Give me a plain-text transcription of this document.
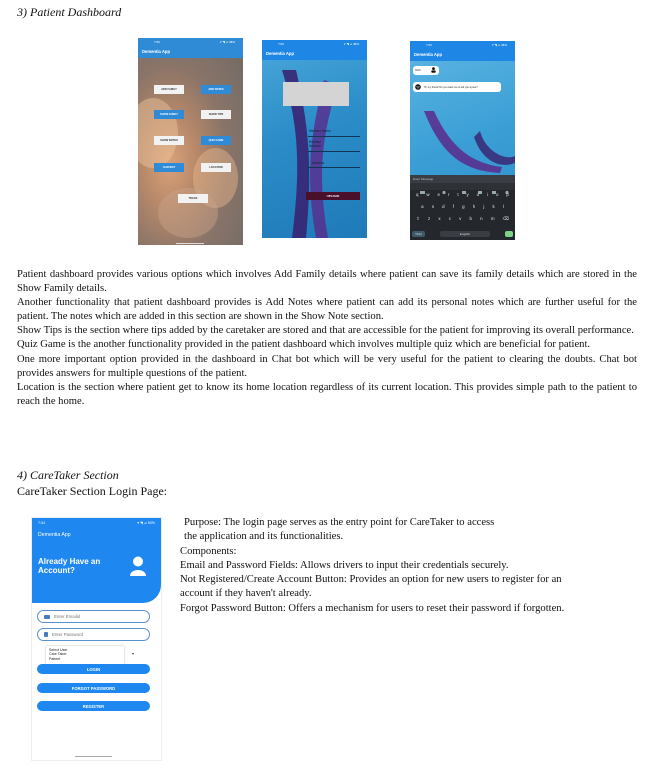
3) Patient Dashboard
7:00	▾ ◥ ⊿ 48%
Dementia App
ADD FAMILY	ADD NOTES
SHOW FAMILY	SHOW TIPS
SHOW NOTES	QUIZ GAME
CHATBOT	LOCATION
TRACK
7:00	▾ ◥ ⊿ 48%
Dementia App
Member Name
Relation
Number
Address
UPLOAD
7:00	▾ ◥ ⊿ 48%
Dementia App
Hello
Hi, my friend! Do you want me to tell you a joke?
Enter Message
q w e r t y u i o p
a s d f g h j k l
⇧ z x c v b n m ⌫
?123	English

Patient dashboard provides various options which involves Add Family details where patient can save its family details which are stored in the Show Family details.

Another functionality that patient dashboard provides is Add Notes where patient can add its personal notes which are further useful for the patient. The notes which are added in this section are shown in the Show Note section.

Show Tips is the section where tips added by the caretaker are stored and that are accessible for the patient for improving its overall performance.

Quiz Game is the another functionality provided in the patient dashboard which involves multiple quiz which are beneficial for patient.

One more important option provided in the dashboard in Chat bot which will be very useful for the patient to clearing the doubts. Chat bot provides answers for multiple questions of the patient.

Location is the section where patient get to know its home location regardless of its current location. This provides simple path to the patient to reach the home.

4) CareTaker Section
CareTaker Section Login Page:
7:34	▾ ◥ ⊿ 50%
Dementia App
Already Have an Account?
Enter Emailid
Enter Password
Select User
Care Taker
Patient
▾
LOGIN
FORGOT PASSWORD
REGISTER
Purpose: The login page serves as the entry point for CareTaker to access
the application and its functionalities.
Components:
Email and Password Fields: Allows drivers to input their credentials securely.
Not Registered/Create Account Button: Provides an option for new users to register for an
account if they haven't already.
Forgot Password Button: Offers a mechanism for users to reset their password if forgotten.
